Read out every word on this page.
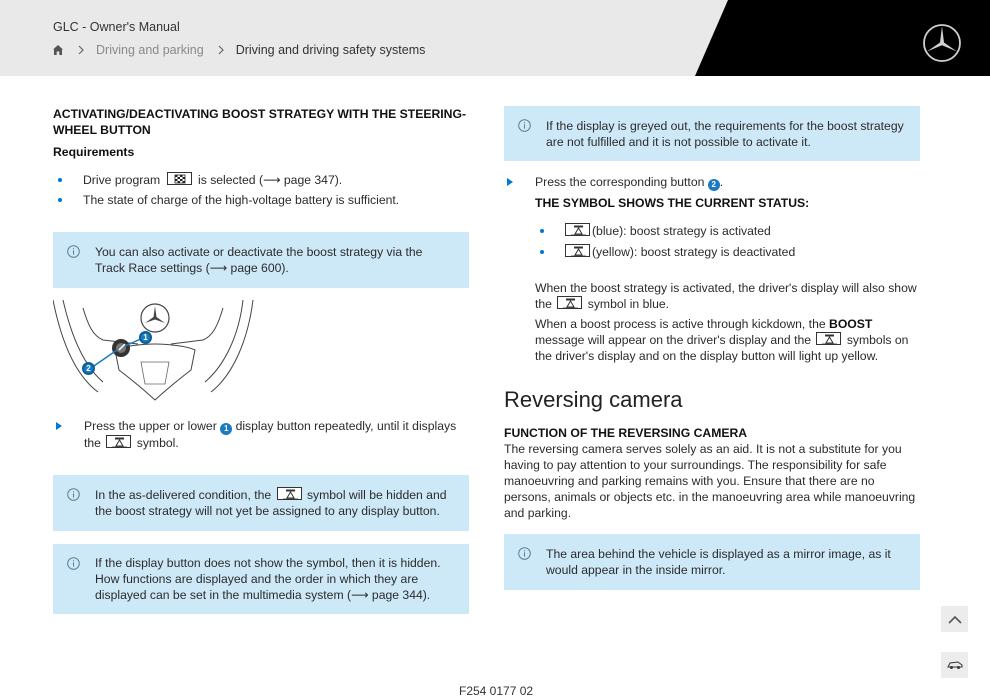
GLC - Owner's Manual
Driving and parking	Driving and driving safety systems
ACTIVATING/DEACTIVATING BOOST STRATEGY WITH THE STEERING-WHEEL BUTTON
Requirements
Drive program	is selected (⟶ page 347).
The state of charge of the high-voltage battery is sufficient.
You can also activate or deactivate the boost strategy via the Track Race settings (⟶ page 600).
1
2
Press the upper or lower 1 display button repeatedly, until it displays the	symbol.
In the as-delivered condition, the	symbol will be hidden and the boost strategy will not yet be assigned to any display button.
If the display button does not show the symbol, then it is hidden. How functions are displayed and the order in which they are displayed can be set in the multimedia system (⟶ page 344).
If the display is greyed out, the requirements for the boost strategy are not fulfilled and it is not possible to activate it.
Press the corresponding button 2 .
THE SYMBOL SHOWS THE CURRENT STATUS:
(blue): boost strategy is activated
(yellow): boost strategy is deactivated

When the boost strategy is activated, the driver's display will also show the	symbol in blue.

When a boost process is active through kickdown, the BOOST message will appear on the driver's display and the	symbols on the driver's display and on the display button will light up yellow.

Reversing camera
FUNCTION OF THE REVERSING CAMERA

The reversing camera serves solely as an aid. It is not a substitute for you having to pay attention to your surroundings. The responsibility for safe manoeuvring and parking remains with you. Ensure that there are no persons, animals or objects etc. in the manoeuvring area while manoeuvring and parking.

The area behind the vehicle is displayed as a mirror image, as it would appear in the inside mirror.
F254 0177 02
